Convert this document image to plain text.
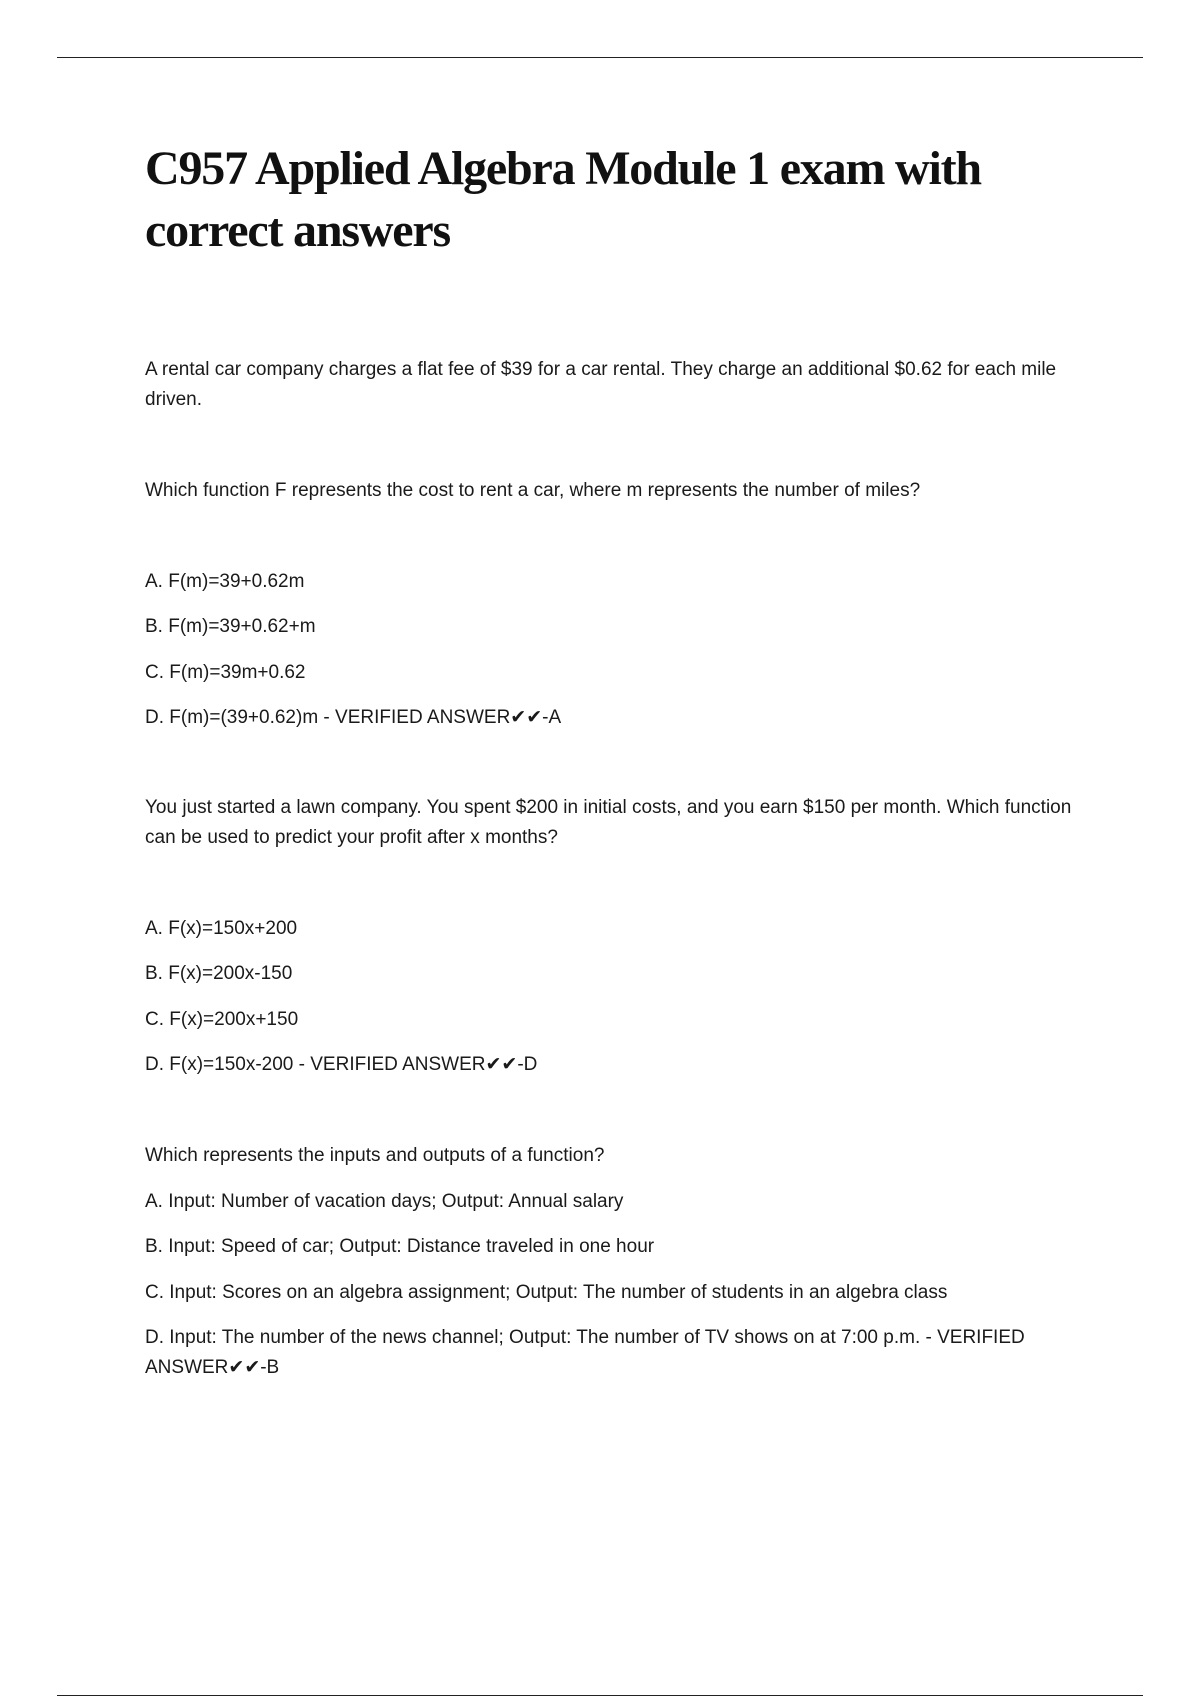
C957 Applied Algebra Module 1 exam with correct answers

A rental car company charges a flat fee of $39 for a car rental. They charge an additional $0.62 for each mile driven.

Which function F represents the cost to rent a car, where m represents the number of miles?

A. F(m)=39+0.62m

B. F(m)=39+0.62+m

C. F(m)=39m+0.62

D. F(m)=(39+0.62)m - VERIFIED ANSWER✔✔-A

You just started a lawn company. You spent $200 in initial costs, and you earn $150 per month. Which function can be used to predict your profit after x months?

A. F(x)=150x+200

B. F(x)=200x-150

C. F(x)=200x+150

D. F(x)=150x-200 - VERIFIED ANSWER✔✔-D

Which represents the inputs and outputs of a function?

A. Input: Number of vacation days; Output: Annual salary

B. Input: Speed of car; Output: Distance traveled in one hour

C. Input: Scores on an algebra assignment; Output: The number of students in an algebra class

D. Input: The number of the news channel; Output: The number of TV shows on at 7:00 p.m. - VERIFIED ANSWER✔✔-B
